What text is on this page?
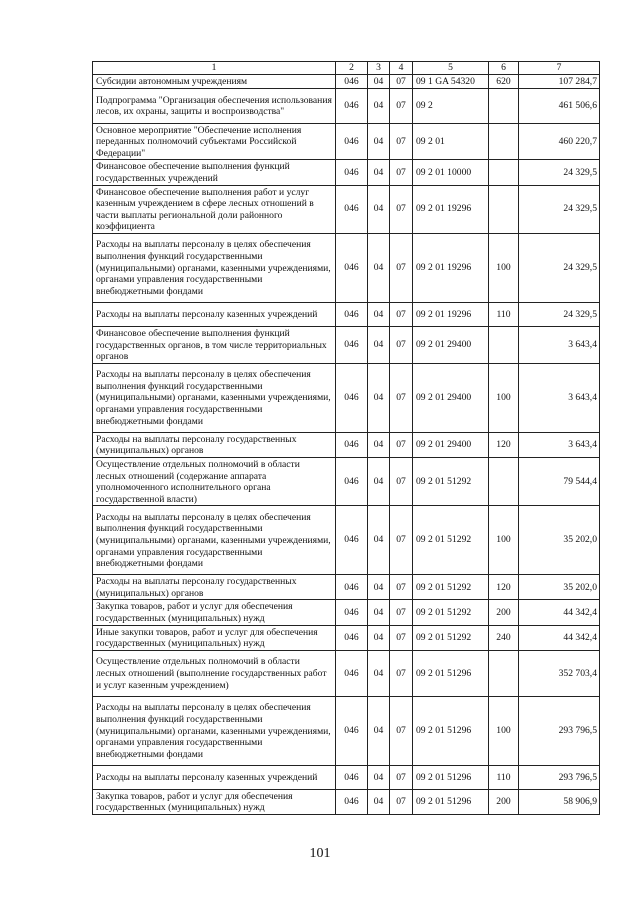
1	2	3	4	5	6	7
Субсидии автономным учреждениям	046	04	07	09 1 GA 54320	620	107 284,7
Подпрограмма "Организация обеспечения использования лесов, их охраны, защиты и воспроизводства"	046	04	07	09 2		461 506,6
Основное мероприятие "Обеспечение исполнения переданных полномочий субъектами Российской Федерации"	046	04	07	09 2 01		460 220,7
Финансовое обеспечение выполнения функций государственных учреждений	046	04	07	09 2 01 10000		24 329,5
Финансовое обеспечение выполнения работ и услуг казенным учреждением в сфере лесных отношений в части выплаты региональной доли районного коэффициента	046	04	07	09 2 01 19296		24 329,5
Расходы на выплаты персоналу в целях обеспечения выполнения функций государственными (муниципальными) органами, казенными учреждениями, органами управления государственными внебюджетными фондами	046	04	07	09 2 01 19296	100	24 329,5
Расходы на выплаты персоналу казенных учреждений	046	04	07	09 2 01 19296	110	24 329,5
Финансовое обеспечение выполнения функций государственных органов, в том числе территориальных органов	046	04	07	09 2 01 29400		3 643,4
Расходы на выплаты персоналу в целях обеспечения выполнения функций государственными (муниципальными) органами, казенными учреждениями, органами управления государственными внебюджетными фондами	046	04	07	09 2 01 29400	100	3 643,4
Расходы на выплаты персоналу государственных (муниципальных) органов	046	04	07	09 2 01 29400	120	3 643,4
Осуществление отдельных полномочий в области лесных отношений (содержание аппарата уполномоченного исполнительного органа государственной власти)	046	04	07	09 2 01 51292		79 544,4
Расходы на выплаты персоналу в целях обеспечения выполнения функций государственными (муниципальными) органами, казенными учреждениями, органами управления государственными внебюджетными фондами	046	04	07	09 2 01 51292	100	35 202,0
Расходы на выплаты персоналу государственных (муниципальных) органов	046	04	07	09 2 01 51292	120	35 202,0
Закупка товаров, работ и услуг для обеспечения государственных (муниципальных) нужд	046	04	07	09 2 01 51292	200	44 342,4
Иные закупки товаров, работ и услуг для обеспечения государственных (муниципальных) нужд	046	04	07	09 2 01 51292	240	44 342,4
Осуществление отдельных полномочий в области лесных отношений (выполнение государственных работ и услуг казенным учреждением)	046	04	07	09 2 01 51296		352 703,4
Расходы на выплаты персоналу в целях обеспечения выполнения функций государственными (муниципальными) органами, казенными учреждениями, органами управления государственными внебюджетными фондами	046	04	07	09 2 01 51296	100	293 796,5
Расходы на выплаты персоналу казенных учреждений	046	04	07	09 2 01 51296	110	293 796,5
Закупка товаров, работ и услуг для обеспечения государственных (муниципальных) нужд	046	04	07	09 2 01 51296	200	58 906,9
101
